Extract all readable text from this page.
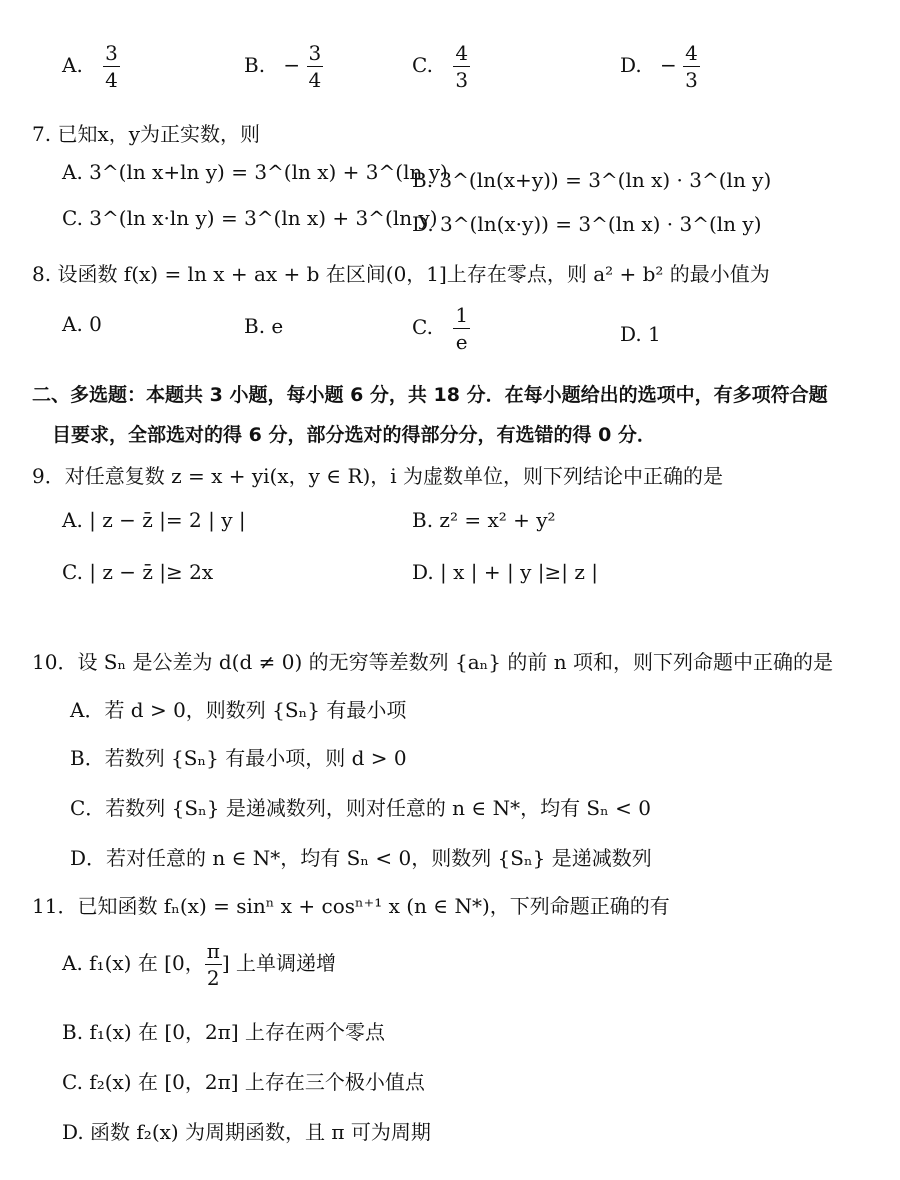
A. $\frac{3}{4}$	B. − $\frac{3}{4}$	C. $\frac{4}{3}$	D. − $\frac{4}{3}$
7. 已知x，y为正实数，则
A. 3^(ln x+ln y) = 3^(ln x) + 3^(ln y)
B. 3^(ln(x+y)) = 3^(ln x) · 3^(ln y)
C. 3^(ln x·ln y) = 3^(ln x) + 3^(ln y)
D. 3^(ln(x·y)) = 3^(ln x) · 3^(ln y)
8. 设函数 f(x) = ln x + ax + b 在区间(0，1]上存在零点，则 a² + b² 的最小值为
A. 0	B. e	C. $\frac{1}{e}$	D. 1
二、多选题：本题共 3 小题，每小题 6 分，共 18 分．在每小题给出的选项中，有多项符合题
目要求，全部选对的得 6 分，部分选对的得部分分，有选错的得 0 分．
9．对任意复数 z = x + yi(x，y ∈ R)，i 为虚数单位，则下列结论中正确的是
A. | z − z̄ |= 2 | y |	B. z² = x² + y²
C. | z − z̄ |≥ 2x	D. | x | + | y |≥| z |
10．设 Sₙ 是公差为 d(d ≠ 0) 的无穷等差数列 {aₙ} 的前 n 项和，则下列命题中正确的是
A．若 d > 0，则数列 {Sₙ} 有最小项
B．若数列 {Sₙ} 有最小项，则 d > 0
C．若数列 {Sₙ} 是递减数列，则对任意的 n ∈ N*，均有 Sₙ < 0
D．若对任意的 n ∈ N*，均有 Sₙ < 0，则数列 {Sₙ} 是递减数列
11．已知函数 fₙ(x) = sinⁿ x + cosⁿ⁺¹ x (n ∈ N*)，下列命题正确的有
A. f₁(x) 在 [0， $\frac{\pi}{2}$ ] 上单调递增
B. f₁(x) 在 [0，2π] 上存在两个零点
C. f₂(x) 在 [0，2π] 上存在三个极小值点
D. 函数 f₂(x) 为周期函数，且 π 可为周期
